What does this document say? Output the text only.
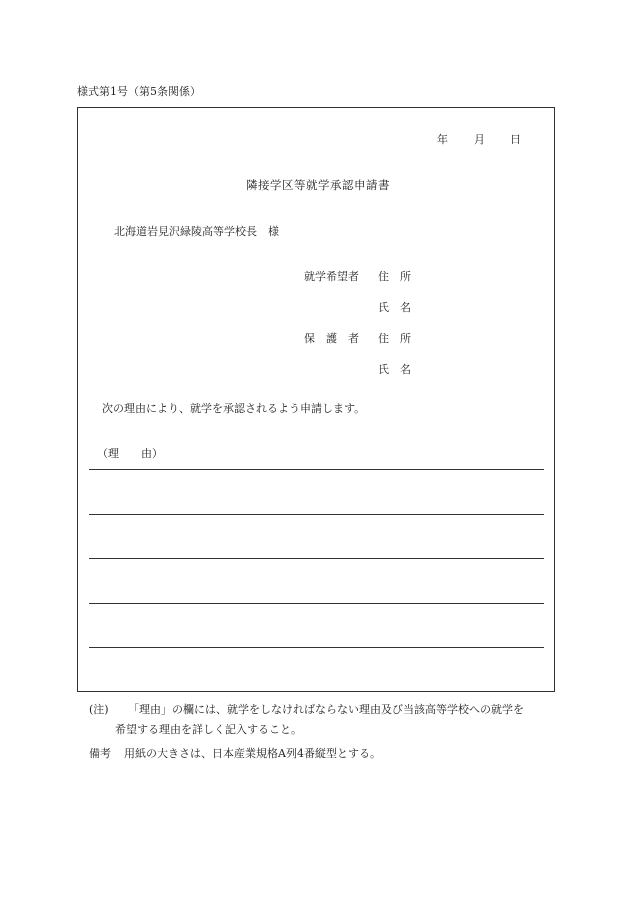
様式第1号（第5条関係）
年 月 日
隣接学区等就学承認申請書
北海道岩見沢緑陵高等学校長　様
就学希望者 住　所
氏　名
保　護　者 住　所
氏　名
次の理由により、就学を承認されるよう申請します。
（理　　由）
(注) 「理由」の欄には、就学をしなければならない理由及び当該高等学校への就学を
希望する理由を詳しく記入すること。
備考 用紙の大きさは、日本産業規格A列4番縦型とする。
